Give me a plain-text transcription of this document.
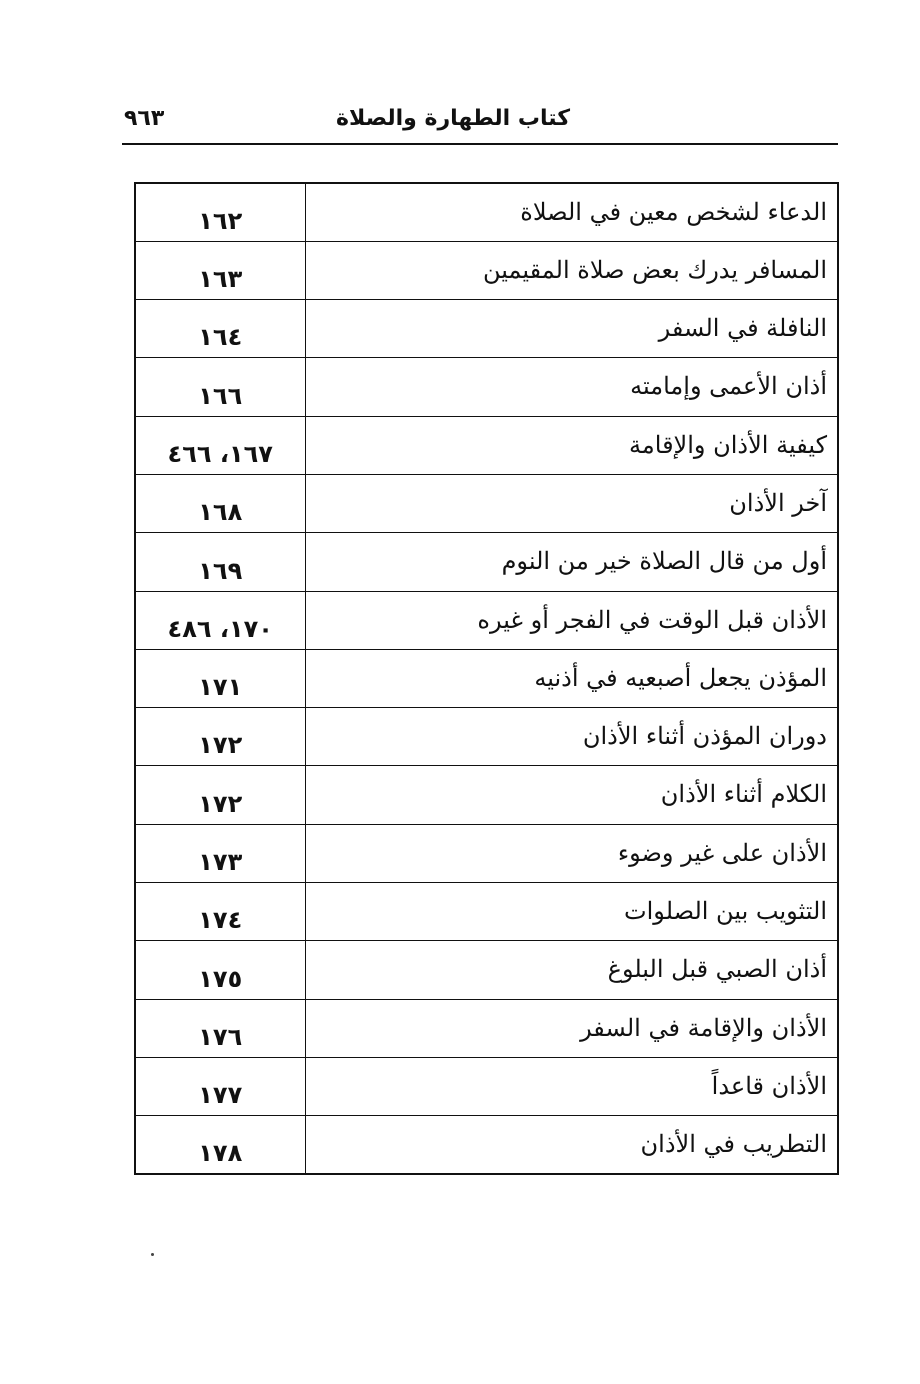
كتاب الطهارة والصلاة
٩٦٣
الدعاء لشخص معين في الصلاة	١٦٢
المسافر يدرك بعض صلاة المقيمين	١٦٣
النافلة في السفر	١٦٤
أذان الأعمى وإمامته	١٦٦
كيفية الأذان والإقامة	١٦٧، ٤٦٦
آخر الأذان	١٦٨
أول من قال الصلاة خير من النوم	١٦٩
الأذان قبل الوقت في الفجر أو غيره	١٧٠، ٤٨٦
المؤذن يجعل أصبعيه في أذنيه	١٧١
دوران المؤذن أثناء الأذان	١٧٢
الكلام أثناء الأذان	١٧٢
الأذان على غير وضوء	١٧٣
التثويب بين الصلوات	١٧٤
أذان الصبي قبل البلوغ	١٧٥
الأذان والإقامة في السفر	١٧٦
الأذان قاعداً	١٧٧
التطريب في الأذان	١٧٨
